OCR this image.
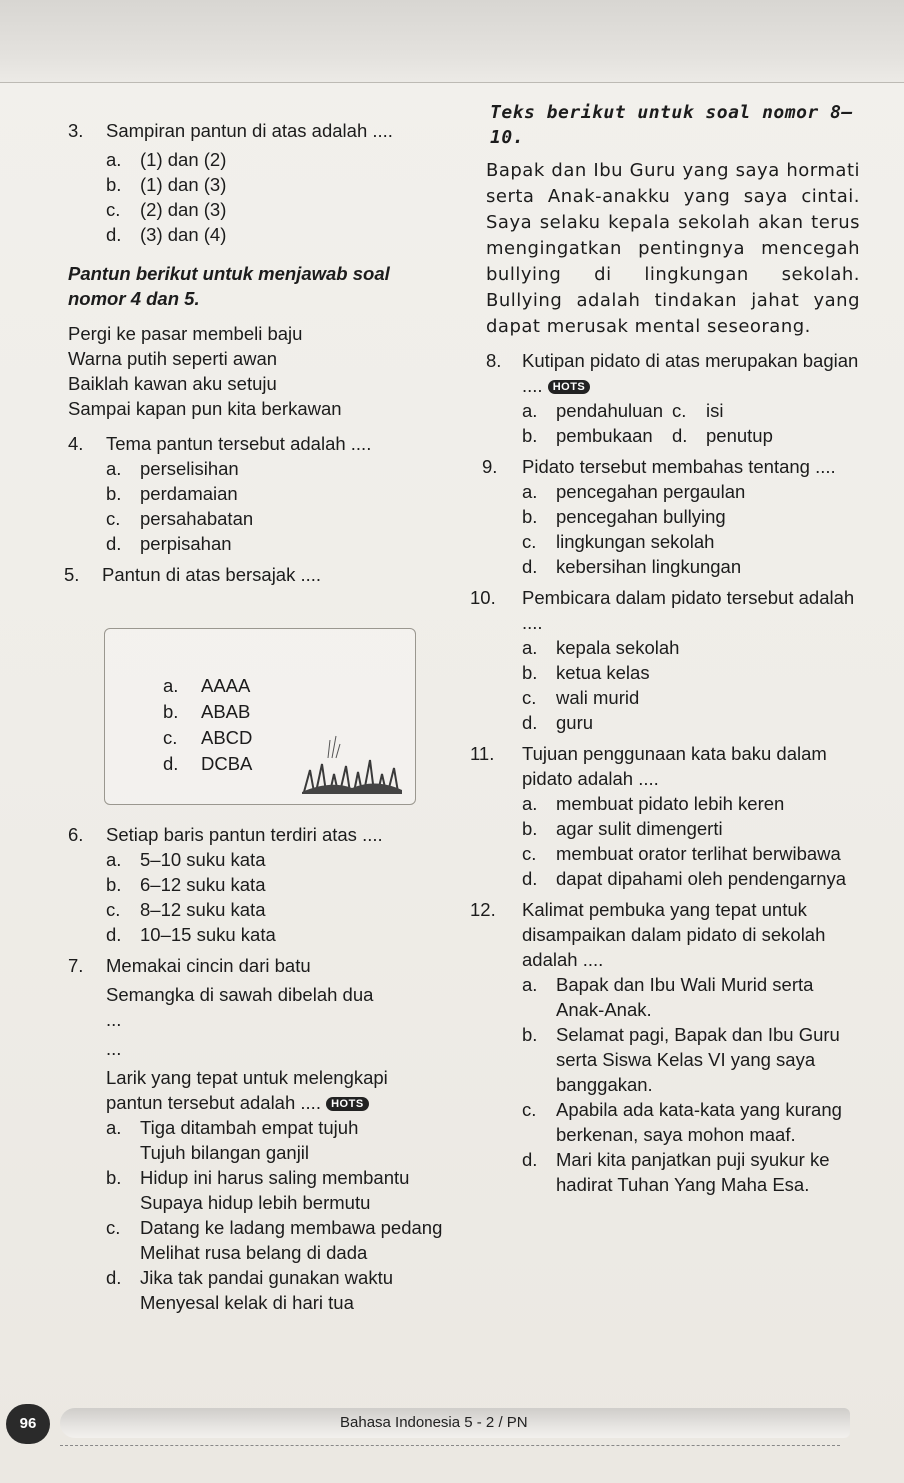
3. Sampiran pantun di atas adalah ....
a. (1) dan (2)
b. (1) dan (3)
c. (2) dan (3)
d. (3) dan (4)
Pantun berikut untuk menjawab soal nomor 4 dan 5.
Pergi ke pasar membeli baju
Warna putih seperti awan
Baiklah kawan aku setuju
Sampai kapan pun kita berkawan
4. Tema pantun tersebut adalah ....
a. perselisihan
b. perdamaian
c. persahabatan
d. perpisahan
5. Pantun di atas bersajak ....
a. AAAA
b. ABAB
c. ABCD
d. DCBA
6. Setiap baris pantun terdiri atas ....
a. 5–10 suku kata
b. 6–12 suku kata
c. 8–12 suku kata
d. 10–15 suku kata
7. Memakai cincin dari batu
Semangka di sawah dibelah dua
...
...
Larik yang tepat untuk melengkapi pantun tersebut adalah .... HOTS
a. Tiga ditambah empat tujuh
Tujuh bilangan ganjil
b. Hidup ini harus saling membantu
Supaya hidup lebih bermutu
c. Datang ke ladang membawa pedang
Melihat rusa belang di dada
d. Jika tak pandai gunakan waktu
Menyesal kelak di hari tua
Teks berikut untuk soal nomor 8–10.
Bapak dan Ibu Guru yang saya hormati serta Anak-anakku yang saya cintai. Saya selaku kepala sekolah akan terus mengingatkan pentingnya mencegah bullying di lingkungan sekolah. Bullying adalah tindakan jahat yang dapat merusak mental seseorang.
8. Kutipan pidato di atas merupakan bagian .... HOTS
a. pendahuluan
b. pembukaan
c. isi
d. penutup
9. Pidato tersebut membahas tentang ....
a. pencegahan pergaulan
b. pencegahan bullying
c. lingkungan sekolah
d. kebersihan lingkungan
10. Pembicara dalam pidato tersebut adalah ....
a. kepala sekolah
b. ketua kelas
c. wali murid
d. guru
11. Tujuan penggunaan kata baku dalam pidato adalah ....
a. membuat pidato lebih keren
b. agar sulit dimengerti
c. membuat orator terlihat berwibawa
d. dapat dipahami oleh pendengarnya
12. Kalimat pembuka yang tepat untuk disampaikan dalam pidato di sekolah adalah ....
a. Bapak dan Ibu Wali Murid serta Anak-Anak.
b. Selamat pagi, Bapak dan Ibu Guru serta Siswa Kelas VI yang saya banggakan.
c. Apabila ada kata-kata yang kurang berkenan, saya mohon maaf.
d. Mari kita panjatkan puji syukur ke hadirat Tuhan Yang Maha Esa.
96	Bahasa Indonesia 5 - 2 / PN
